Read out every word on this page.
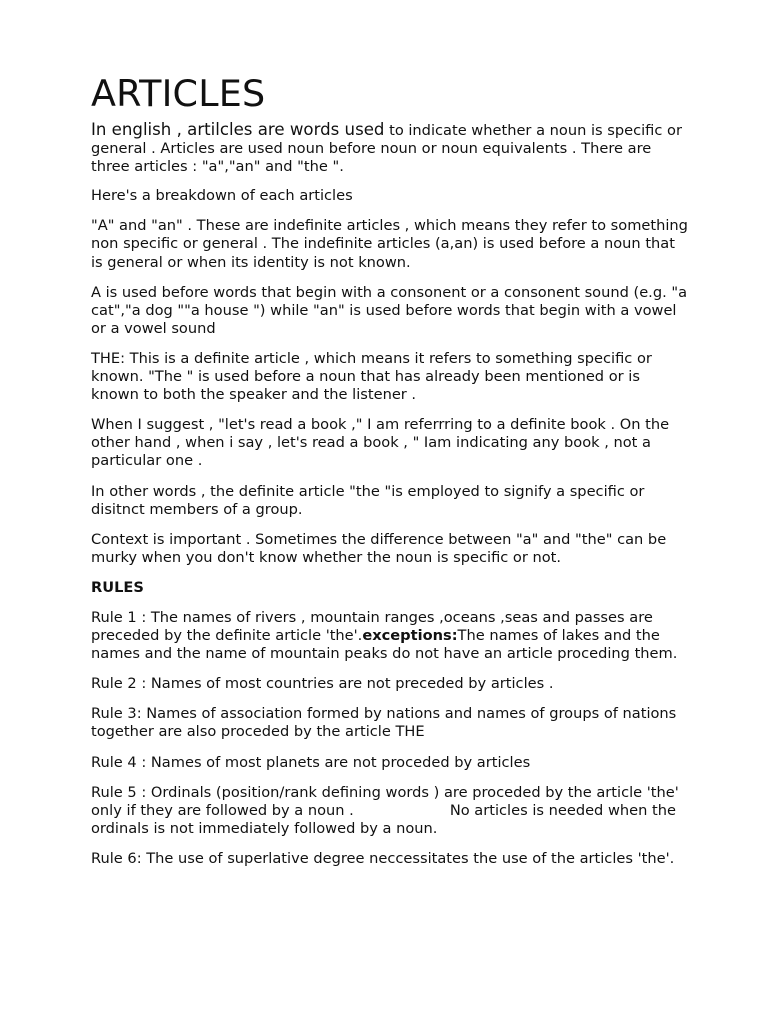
ARTICLES

In english , artilcles are words used to indicate whether a noun is specific or general . Articles are used noun before noun or noun equivalents . There are three articles : "a","an" and "the ".

Here's a breakdown of each articles

"A" and "an" . These are indefinite articles , which means they refer to something non specific or general . The indefinite articles (a,an) is used before a noun that is general or when its identity is not known.

A is used before words that begin with a consonent or a consonent sound (e.g. "a cat","a dog ""a house ") while "an" is used before words that begin with a vowel or a vowel sound

THE: This is a definite article , which means it refers to something specific or known. "The " is used before a noun that has already been mentioned or is known to both the speaker and the listener .

When I suggest , "let's read a book ," I am referrring to a definite book . On the other hand , when i say , let's read a book , " Iam indicating any book , not a particular one .

In other words , the definite article "the "is employed to signify a specific or disitnct members of a group.

Context is important . Sometimes the difference between "a" and "the" can be murky when you don't know whether the noun is specific or not.

RULES

Rule 1 : The names of rivers , mountain ranges ,oceans ,seas and passes are preceded by the definite article 'the'.exceptions:The names of lakes and the names and the name of mountain peaks do not have an article proceding them.

Rule 2 : Names of most countries are not preceded by articles .

Rule 3: Names of association formed by nations and names of groups of nations together are also proceded by the article THE

Rule 4 : Names of most planets are not proceded by articles

Rule 5 : Ordinals (position/rank defining words ) are proceded by the article 'the' only if they are followed by a noun .	No articles is needed when the ordinals is not immediately followed by a noun.

Rule 6: The use of superlative degree neccessitates the use of the articles 'the'.
